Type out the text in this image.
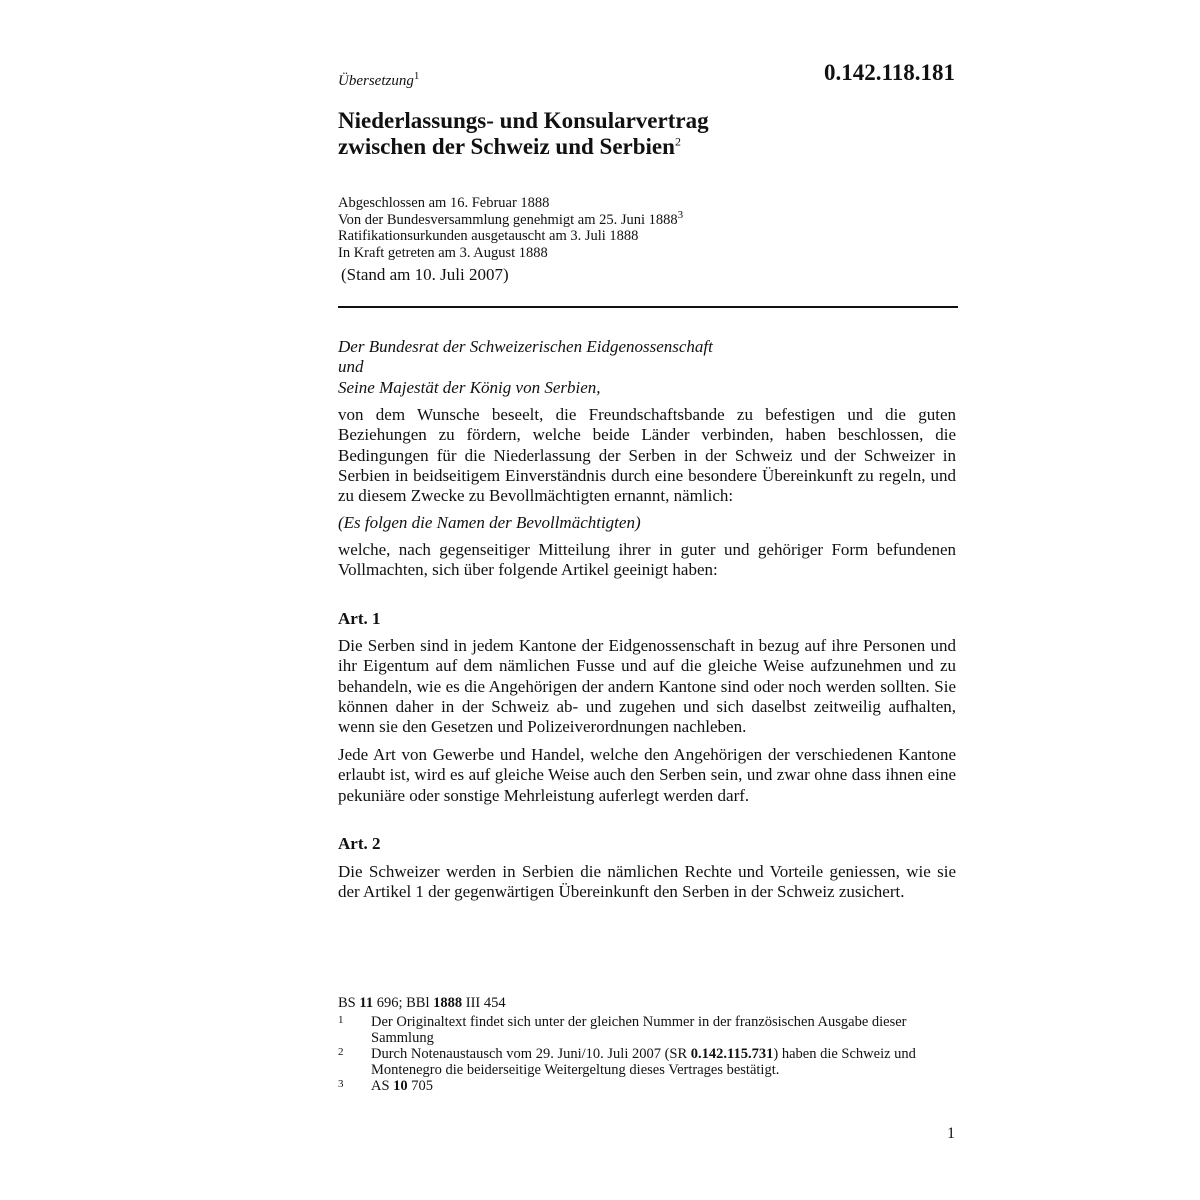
Übersetzung$^1$	0.142.118.181
Niederlassungs- und Konsularvertrag
zwischen der Schweiz und Serbien$^2$
Abgeschlossen am 16. Februar 1888
Von der Bundesversammlung genehmigt am 25. Juni 1888$^3$
Ratifikationsurkunden ausgetauscht am 3. Juli 1888
In Kraft getreten am 3. August 1888
(Stand am 10. Juli 2007)
Der Bundesrat der Schweizerischen Eidgenossenschaft
und
Seine Majestät der König von Serbien,
von dem Wunsche beseelt, die Freundschaftsbande zu befestigen und die guten Beziehungen zu fördern, welche beide Länder verbinden, haben beschlossen, die Bedingungen für die Niederlassung der Serben in der Schweiz und der Schweizer in Serbien in beidseitigem Einverständnis durch eine besondere Übereinkunft zu regeln, und zu diesem Zwecke zu Bevollmächtigten ernannt, nämlich:
(Es folgen die Namen der Bevollmächtigten)
welche, nach gegenseitiger Mitteilung ihrer in guter und gehöriger Form befundenen Vollmachten, sich über folgende Artikel geeinigt haben:
Art. 1
Die Serben sind in jedem Kantone der Eidgenossenschaft in bezug auf ihre Personen und ihr Eigentum auf dem nämlichen Fusse und auf die gleiche Weise aufzunehmen und zu behandeln, wie es die Angehörigen der andern Kantone sind oder noch werden sollten. Sie können daher in der Schweiz ab- und zugehen und sich daselbst zeitweilig aufhalten, wenn sie den Gesetzen und Polizeiverordnungen nachleben.
Jede Art von Gewerbe und Handel, welche den Angehörigen der verschiedenen Kantone erlaubt ist, wird es auf gleiche Weise auch den Serben sein, und zwar ohne dass ihnen eine pekuniäre oder sonstige Mehrleistung auferlegt werden darf.
Art. 2
Die Schweizer werden in Serbien die nämlichen Rechte und Vorteile geniessen, wie sie der Artikel 1 der gegenwärtigen Übereinkunft den Serben in der Schweiz zusichert.
BS 11 696; BBl 1888 III 454
1	Der Originaltext findet sich unter der gleichen Nummer in der französischen Ausgabe dieser Sammlung
2	Durch Notenaustausch vom 29. Juni/10. Juli 2007 (SR 0.142.115.731) haben die Schweiz und Montenegro die beiderseitige Weitergeltung dieses Vertrages bestätigt.
3	AS 10 705
1
